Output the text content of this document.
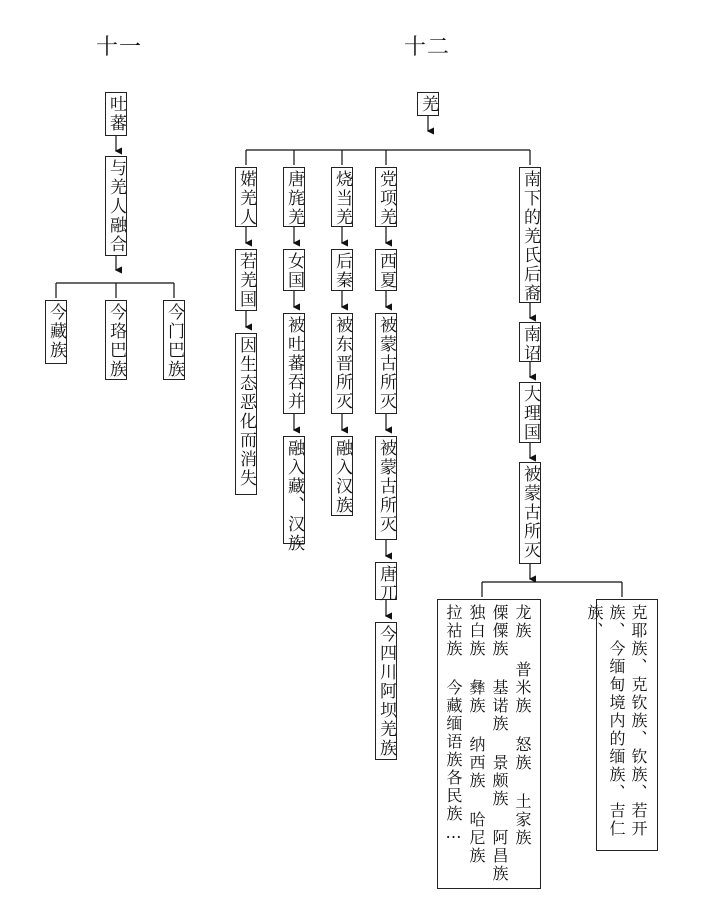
十一	十二
吐蕃
与羌人融合
今藏族 今珞巴族 今门巴族
羌
婼羌人
若羌国
因生态恶化而消失
唐旄羌
女国
被吐蕃吞并
融入藏、汉族
烧当羌
后秦
被东晋所灭
融入汉族
党项羌
西夏
被蒙古所灭
被蒙古所灭
唐兀
今四川阿坝羌族
南下的羌氏后裔
南诏
大理国
被蒙古所灭
克耶族、克钦族、钦族、若开族、今缅甸境内的缅族、吉仁族、
龙族 普米族 怒族 土家族 傈僳族 基诺族 景颇族 阿昌族 独白族 彝族 纳西族 哈尼族 拉祜族 今藏缅语族各民族…
